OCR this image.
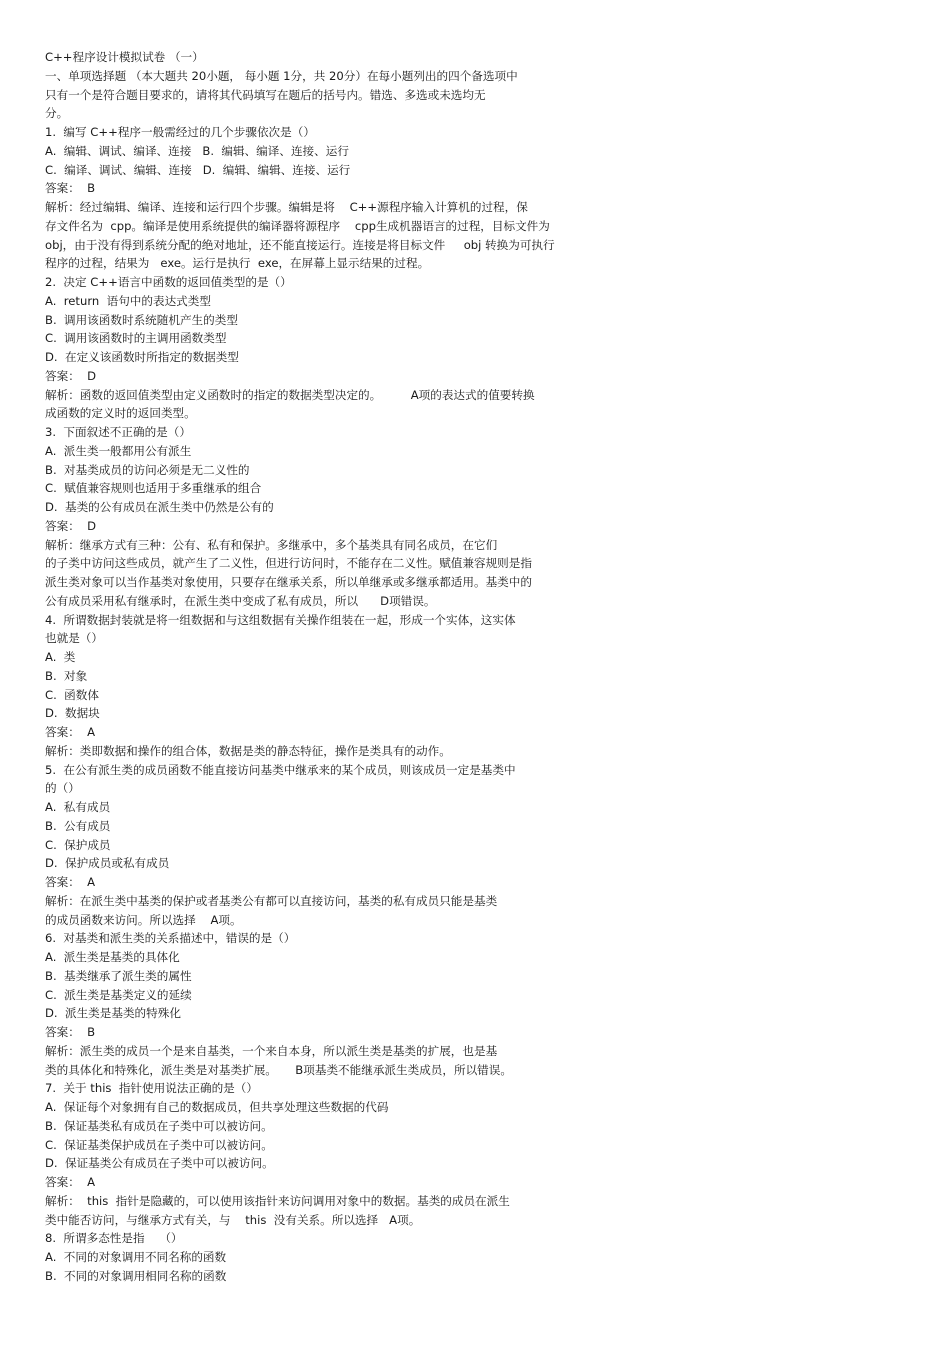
C++程序设计模拟试卷 （一）
一、单项选择题 （本大题共 20小题， 每小题 1分，共 20分）在每小题列出的四个备选项中
只有一个是符合题目要求的，请将其代码填写在题后的括号内。错选、多选或未选均无
分。
1.  编写 C++程序一般需经过的几个步骤依次是（）
A.  编辑、调试、编译、连接   B.  编辑、编译、连接、运行
C.  编译、调试、编辑、连接   D.  编辑、编辑、连接、运行
答案：  B
解析：经过编辑、编译、连接和运行四个步骤。编辑是将    C++源程序输入计算机的过程，保
存文件名为  cpp。编译是使用系统提供的编译器将源程序    cpp生成机器语言的过程，目标文件为
obj，由于没有得到系统分配的绝对地址，还不能直接运行。连接是将目标文件     obj 转换为可执行
程序的过程，结果为   exe。运行是执行  exe，在屏幕上显示结果的过程。
2.  决定 C++语言中函数的返回值类型的是（）
A.  return  语句中的表达式类型
B.  调用该函数时系统随机产生的类型
C.  调用该函数时的主调用函数类型
D.  在定义该函数时所指定的数据类型
答案：  D
解析：函数的返回值类型由定义函数时的指定的数据类型决定的。        A项的表达式的值要转换
成函数的定义时的返回类型。
3.  下面叙述不正确的是（）
A.  派生类一般都用公有派生
B.  对基类成员的访问必须是无二义性的
C.  赋值兼容规则也适用于多重继承的组合
D.  基类的公有成员在派生类中仍然是公有的
答案：  D
解析：继承方式有三种：公有、私有和保护。多继承中，多个基类具有同名成员，在它们
的子类中访问这些成员，就产生了二义性，但进行访问时，不能存在二义性。赋值兼容规则是指
派生类对象可以当作基类对象使用，只要存在继承关系，所以单继承或多继承都适用。基类中的
公有成员采用私有继承时，在派生类中变成了私有成员，所以      D项错误。
4.  所谓数据封装就是将一组数据和与这组数据有关操作组装在一起，形成一个实体，这实体
也就是（）
A.  类
B.  对象
C.  函数体
D.  数据块
答案：  A
解析：类即数据和操作的组合体，数据是类的静态特征，操作是类具有的动作。
5.  在公有派生类的成员函数不能直接访问基类中继承来的某个成员，则该成员一定是基类中
的（）
A.  私有成员
B.  公有成员
C.  保护成员
D.  保护成员或私有成员
答案：  A
解析：在派生类中基类的保护或者基类公有都可以直接访问，基类的私有成员只能是基类
的成员函数来访问。所以选择    A项。
6.  对基类和派生类的关系描述中，错误的是（）
A.  派生类是基类的具体化
B.  基类继承了派生类的属性
C.  派生类是基类定义的延续
D.  派生类是基类的特殊化
答案：  B
解析：派生类的成员一个是来自基类，一个来自本身，所以派生类是基类的扩展，也是基
类的具体化和特殊化，派生类是对基类扩展。     B项基类不能继承派生类成员，所以错误。
7.  关于 this  指针使用说法正确的是（）
A.  保证每个对象拥有自己的数据成员，但共享处理这些数据的代码
B.  保证基类私有成员在子类中可以被访问。
C.  保证基类保护成员在子类中可以被访问。
D.  保证基类公有成员在子类中可以被访问。
答案：  A
解析：  this  指针是隐藏的，可以使用该指针来访问调用对象中的数据。基类的成员在派生
类中能否访问，与继承方式有关，与    this  没有关系。所以选择   A项。
8.  所谓多态性是指    （）
A.  不同的对象调用不同名称的函数
B.  不同的对象调用相同名称的函数
